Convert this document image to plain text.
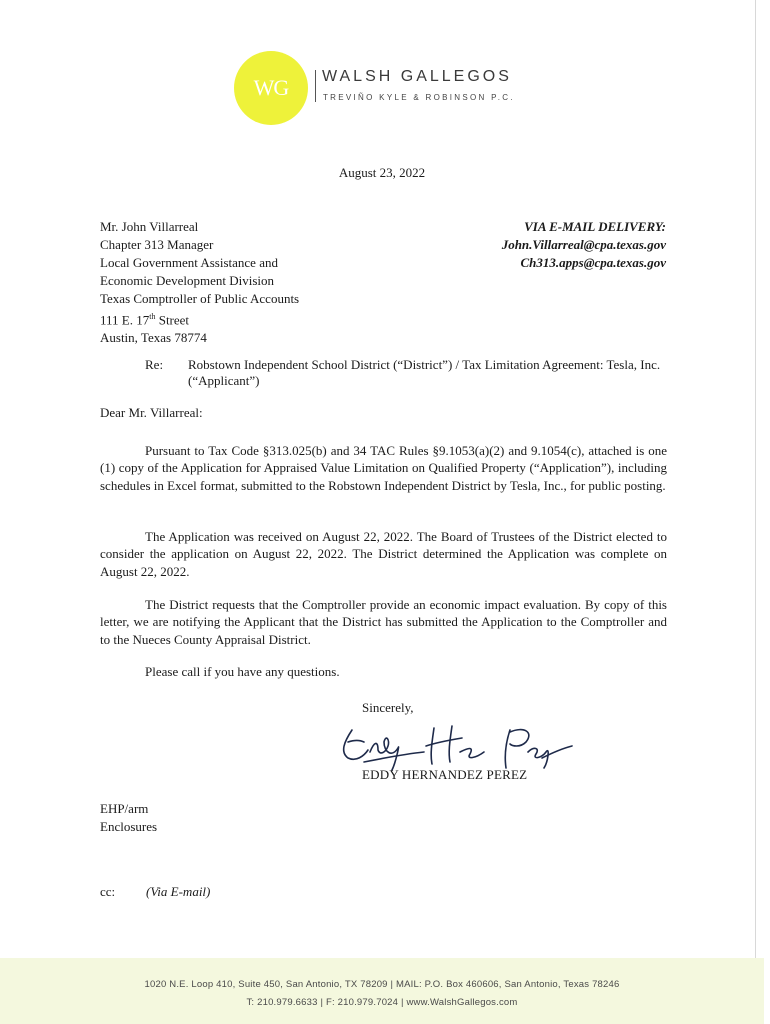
WG WALSH GALLEGOS
TREVIÑO KYLE & ROBINSON P.C.
August 23, 2022
Mr. John Villarreal
Chapter 313 Manager
Local Government Assistance and
Economic Development Division
Texas Comptroller of Public Accounts
111 E. 17th Street
Austin, Texas 78774
VIA E-MAIL DELIVERY:
John.Villarreal@cpa.texas.gov
Ch313.apps@cpa.texas.gov
Re: Robstown Independent School District (“District”) / Tax Limitation Agreement: Tesla, Inc. (“Applicant”)
Dear Mr. Villarreal:
Pursuant to Tax Code §313.025(b) and 34 TAC Rules §9.1053(a)(2) and 9.1054(c), attached is one (1) copy of the Application for Appraised Value Limitation on Qualified Property (“Application”), including schedules in Excel format, submitted to the Robstown Independent District by Tesla, Inc., for public posting.
The Application was received on August 22, 2022. The Board of Trustees of the District elected to consider the application on August 22, 2022. The District determined the Application was complete on August 22, 2022.
The District requests that the Comptroller provide an economic impact evaluation. By copy of this letter, we are notifying the Applicant that the District has submitted the Application to the Comptroller and to the Nueces County Appraisal District.
Please call if you have any questions.
Sincerely,
EDDY HERNANDEZ PEREZ
EHP/arm
Enclosures
cc: (Via E-mail)
1020 N.E. Loop 410, Suite 450, San Antonio, TX 78209 | MAIL: P.O. Box 460606, San Antonio, Texas 78246
T: 210.979.6633 | F: 210.979.7024 | www.WalshGallegos.com
